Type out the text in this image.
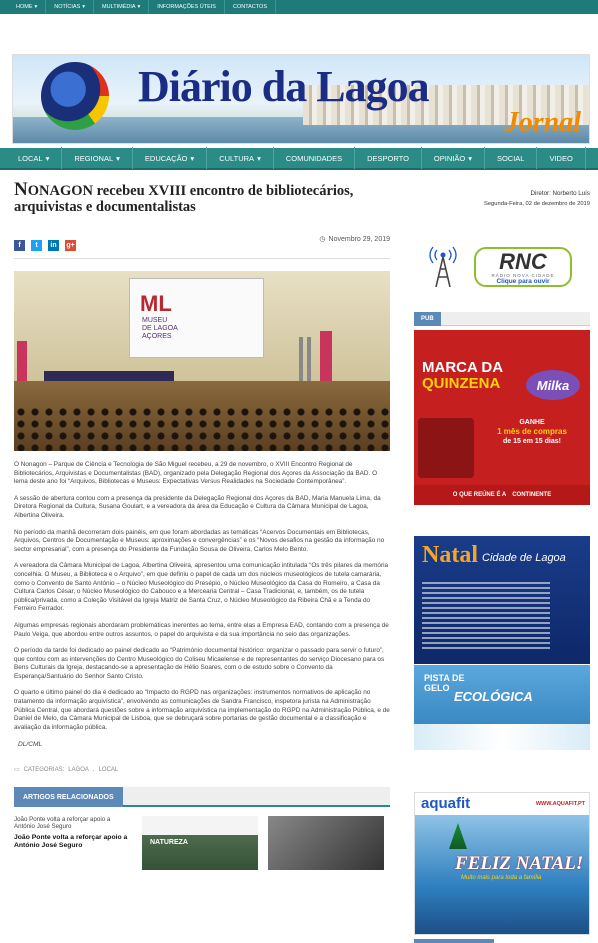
HOME ▾	NOTÍCIAS ▾	MULTIMÉDIA ▾	INFORMAÇÕES ÚTEIS	CONTACTOS
Diário da Lagoa
Jornal
LOCAL ▾	REGIONAL ▾	EDUCAÇÃO ▾	CULTURA ▾	COMUNIDADES	DESPORTO	OPINIÃO ▾	SOCIAL	VIDEO
NONAGON recebeu XVIII encontro de bibliotecários, arquivistas e documentalistas
f	t	in	g+
◷ Novembro 29, 2019
ML
MUSEU
DE LAGOA
AÇORES

O Nonagon – Parque de Ciência e Tecnologia de São Miguel recebeu, a 29 de novembro, o XVIII Encontro Regional de Bibliotecários, Arquivistas e Documentalistas (BAD), organizado pela Delegação Regional dos Açores da Associação da BAD. O lema deste ano foi “Arquivos, Bibliotecas e Museus: Expectativas Versus Realidades na Sociedade Contemporânea”.

A sessão de abertura contou com a presença da presidente da Delegação Regional dos Açores da BAD, Maria Manuela Lima, da Diretora Regional da Cultura, Susana Goulart, e a vereadora da área da Educação e Cultura da Câmara Municipal de Lagoa, Albertina Oliveira.

No período da manhã decorreram dois painéis, em que foram abordadas as temáticas “Acervos Documentais em Bibliotecas, Arquivos, Centros de Documentação e Museus: aproximações e convergências” e os “Novos desafios na gestão da informação no sector empresarial”, com a presença do Presidente da Fundação Sousa de Oliveira, Carlos Melo Bento.

A vereadora da Câmara Municipal de Lagoa, Albertina Oliveira, apresentou uma comunicação intitulada “Os três pilares da memória concelhia. O Museu, a Biblioteca e o Arquivo”, em que definiu o papel de cada um dos núcleos museológicos de tutela camarária, como o Convento de Santo António – o Núcleo Museológico do Presépio, o Núcleo Museológico da Casa do Romeiro, a Casa da Cultura Carlos César, o Núcleo Museológico do Cabouco e a Mercearia Central – Casa Tradicional, e, também, os de tutela pública/privada, como a Coleção Visitável da Igreja Matriz de Santa Cruz, o Núcleo Museológico da Ribeira Chã e a Tenda do Ferreiro Ferrador.

Algumas empresas regionais abordaram problemáticas inerentes ao tema, entre elas a Empresa EAD, contando com a presença de Paulo Veiga, que abordou entre outros assuntos, o papel do arquivista e da sua importância no seio das organizações.

O período da tarde foi dedicado ao painel dedicado ao “Património documental histórico: organizar o passado para servir o futuro”, que contou com as intervenções do Centro Museológico do Coliseu Micaelense e de representantes do serviço Diocesano para os Bens Culturais da Igreja, destacando-se a apresentação de Hélio Soares, com o de estudo sobre o Convento da Esperança/Santuário do Senhor Santo Cristo.

O quarto e último painel do dia é dedicado ao “Impacto do RGPD nas organizações: instrumentos normativos de aplicação no tratamento da informação arquivística”, envolvendo as comunicações de Sandra Francisco, inspetora jurista na Administração Pública Central, que abordará questões sobre a informação arquivística na implementação do RGPD na Administração Pública, e de Daniel de Melo, da Câmara Municipal de Lisboa, que se debruçará sobre portarias de gestão documental e a classificação e avaliação da informação pública.

DL/CML
▭ CATEGORIAS: LAGOA , LOCAL
ARTIGOS RELACIONADOS
João Ponte volta a reforçar apoio a António José Seguro
João Ponte volta a reforçar apoio a António José Seguro	NATUREZA
Diretor: Norberto Luís
Segunda-Feira, 02 de dezembro de 2019
RNC
RÁDIO NOVA CIDADE
Clique para ouvir
PUB
MARCA DA
QUINZENA	Milka
GANHE
1 mês de compras
de 15 em 15 dias!
O QUE REÚNE É A CONTINENTE
Natal Cidade de Lagoa
PISTA DE
GELO
ECOLÓGICA
aquafit	WWW.AQUAFIT.PT
FELIZ NATAL!
Muito mais para toda a família
